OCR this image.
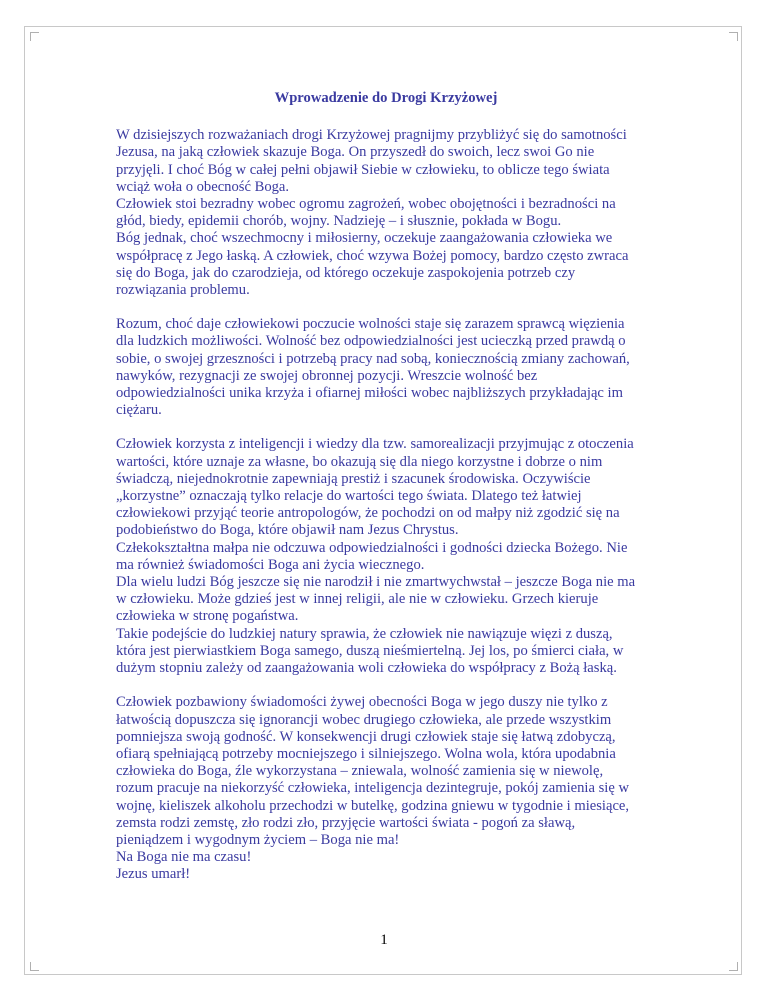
Wprowadzenie do Drogi Krzyżowej
W dzisiejszych rozważaniach drogi Krzyżowej pragnijmy przybliżyć się do samotności
Jezusa, na jaką człowiek skazuje Boga. On przyszedł do swoich, lecz swoi Go nie
przyjęli. I choć Bóg w całej pełni objawił Siebie w człowieku, to oblicze tego świata
wciąż woła o obecność Boga.
Człowiek stoi bezradny wobec ogromu zagrożeń, wobec obojętności i bezradności na
głód, biedy, epidemii chorób, wojny. Nadzieję – i słusznie, pokłada w Bogu.
Bóg jednak, choć wszechmocny i miłosierny, oczekuje zaangażowania człowieka we
współpracę z Jego łaską. A człowiek, choć wzywa Bożej pomocy, bardzo często zwraca
się do Boga, jak do czarodzieja, od którego oczekuje zaspokojenia potrzeb czy
rozwiązania problemu.
Rozum, choć daje człowiekowi poczucie wolności staje się zarazem sprawcą więzienia
dla ludzkich możliwości. Wolność bez odpowiedzialności jest ucieczką przed prawdą o
sobie, o swojej grzeszności i potrzebą pracy nad sobą, koniecznością zmiany zachowań,
nawyków, rezygnacji ze swojej obronnej pozycji. Wreszcie wolność bez
odpowiedzialności unika krzyża i ofiarnej miłości wobec najbliższych przykładając im
ciężaru.
Człowiek korzysta z inteligencji i wiedzy dla tzw. samorealizacji przyjmując z otoczenia
wartości, które uznaje za własne, bo okazują się dla niego korzystne i dobrze o nim
świadczą, niejednokrotnie zapewniają prestiż i szacunek środowiska. Oczywiście
„korzystne” oznaczają tylko relacje do wartości tego świata. Dlatego też łatwiej
człowiekowi przyjąć teorie antropologów, że pochodzi on od małpy niż zgodzić się na
podobieństwo do Boga, które objawił nam Jezus Chrystus.
Człekokształtna małpa nie odczuwa odpowiedzialności i godności dziecka Bożego. Nie
ma również świadomości Boga ani życia wiecznego.
Dla wielu ludzi Bóg jeszcze się nie narodził i nie zmartwychwstał – jeszcze Boga nie ma
w człowieku. Może gdzieś jest w innej religii, ale nie w człowieku. Grzech kieruje
człowieka w stronę pogaństwa.
Takie podejście do ludzkiej natury sprawia, że człowiek nie nawiązuje więzi z duszą,
która jest pierwiastkiem Boga samego, duszą nieśmiertelną. Jej los, po śmierci ciała, w
dużym stopniu zależy od zaangażowania woli człowieka do współpracy z Bożą łaską.
Człowiek pozbawiony świadomości żywej obecności Boga w jego duszy nie tylko z
łatwością dopuszcza się ignorancji wobec drugiego człowieka, ale przede wszystkim
pomniejsza swoją godność. W konsekwencji drugi człowiek staje się łatwą zdobyczą,
ofiarą spełniającą potrzeby mocniejszego i silniejszego. Wolna wola, która upodabnia
człowieka do Boga, źle wykorzystana – zniewala, wolność zamienia się w niewolę,
rozum pracuje na niekorzyść człowieka, inteligencja dezintegruje, pokój zamienia się w
wojnę, kieliszek alkoholu przechodzi w butelkę, godzina gniewu w tygodnie i miesiące,
zemsta rodzi zemstę, zło rodzi zło, przyjęcie wartości świata - pogoń za sławą,
pieniądzem i wygodnym życiem – Boga nie ma!
Na Boga nie ma czasu!
Jezus umarł!
1
